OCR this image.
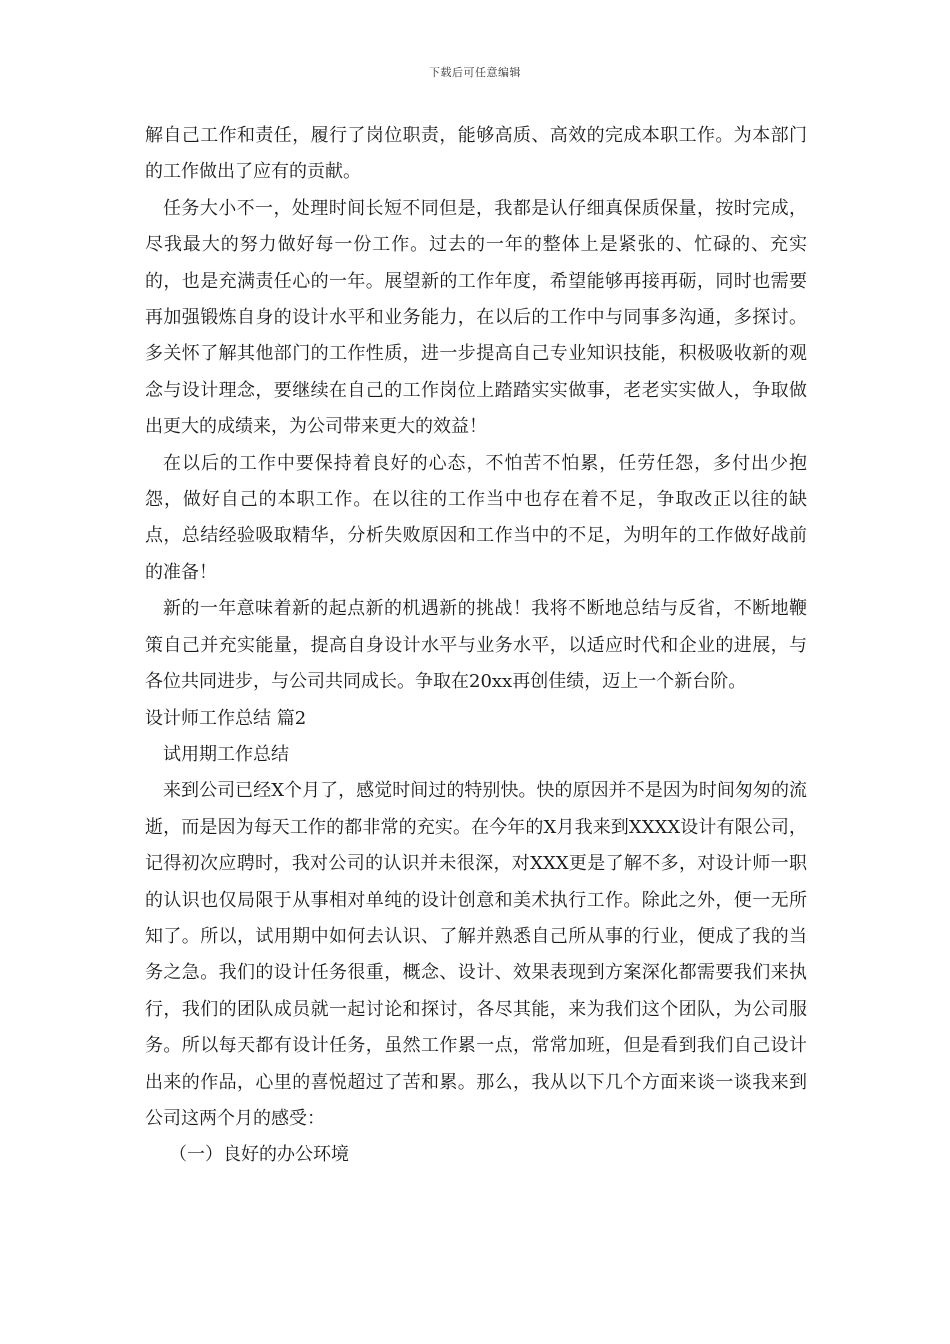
下载后可任意编辑

解自己工作和责任，履行了岗位职责，能够高质、高效的完成本职工作。为本部门的工作做出了应有的贡献。

任务大小不一，处理时间长短不同但是，我都是认仔细真保质保量，按时完成，尽我最大的努力做好每一份工作。过去的一年的整体上是紧张的、忙碌的、充实的，也是充满责任心的一年。展望新的工作年度，希望能够再接再砺，同时也需要再加强锻炼自身的设计水平和业务能力，在以后的工作中与同事多沟通，多探讨。多关怀了解其他部门的工作性质，进一步提高自己专业知识技能，积极吸收新的观念与设计理念，要继续在自己的工作岗位上踏踏实实做事，老老实实做人，争取做出更大的成绩来，为公司带来更大的效益！

在以后的工作中要保持着良好的心态，不怕苦不怕累，任劳任怨，多付出少抱怨，做好自己的本职工作。在以往的工作当中也存在着不足，争取改正以往的缺点，总结经验吸取精华，分析失败原因和工作当中的不足，为明年的工作做好战前的准备！

新的一年意味着新的起点新的机遇新的挑战！我将不断地总结与反省，不断地鞭策自己并充实能量，提高自身设计水平与业务水平，以适应时代和企业的进展，与各位共同进步，与公司共同成长。争取在20xx再创佳绩，迈上一个新台阶。

设计师工作总结 篇2

试用期工作总结

来到公司已经X个月了，感觉时间过的特别快。快的原因并不是因为时间匆匆的流逝，而是因为每天工作的都非常的充实。在今年的X月我来到XXXX设计有限公司，记得初次应聘时，我对公司的认识并未很深，对XXX更是了解不多，对设计师一职的认识也仅局限于从事相对单纯的设计创意和美术执行工作。除此之外，便一无所知了。所以，试用期中如何去认识、了解并熟悉自己所从事的行业，便成了我的当务之急。我们的设计任务很重，概念、设计、效果表现到方案深化都需要我们来执行，我们的团队成员就一起讨论和探讨，各尽其能，来为我们这个团队，为公司服务。所以每天都有设计任务，虽然工作累一点，常常加班，但是看到我们自己设计出来的作品，心里的喜悦超过了苦和累。那么，我从以下几个方面来谈一谈我来到公司这两个月的感受：

（一）良好的办公环境
